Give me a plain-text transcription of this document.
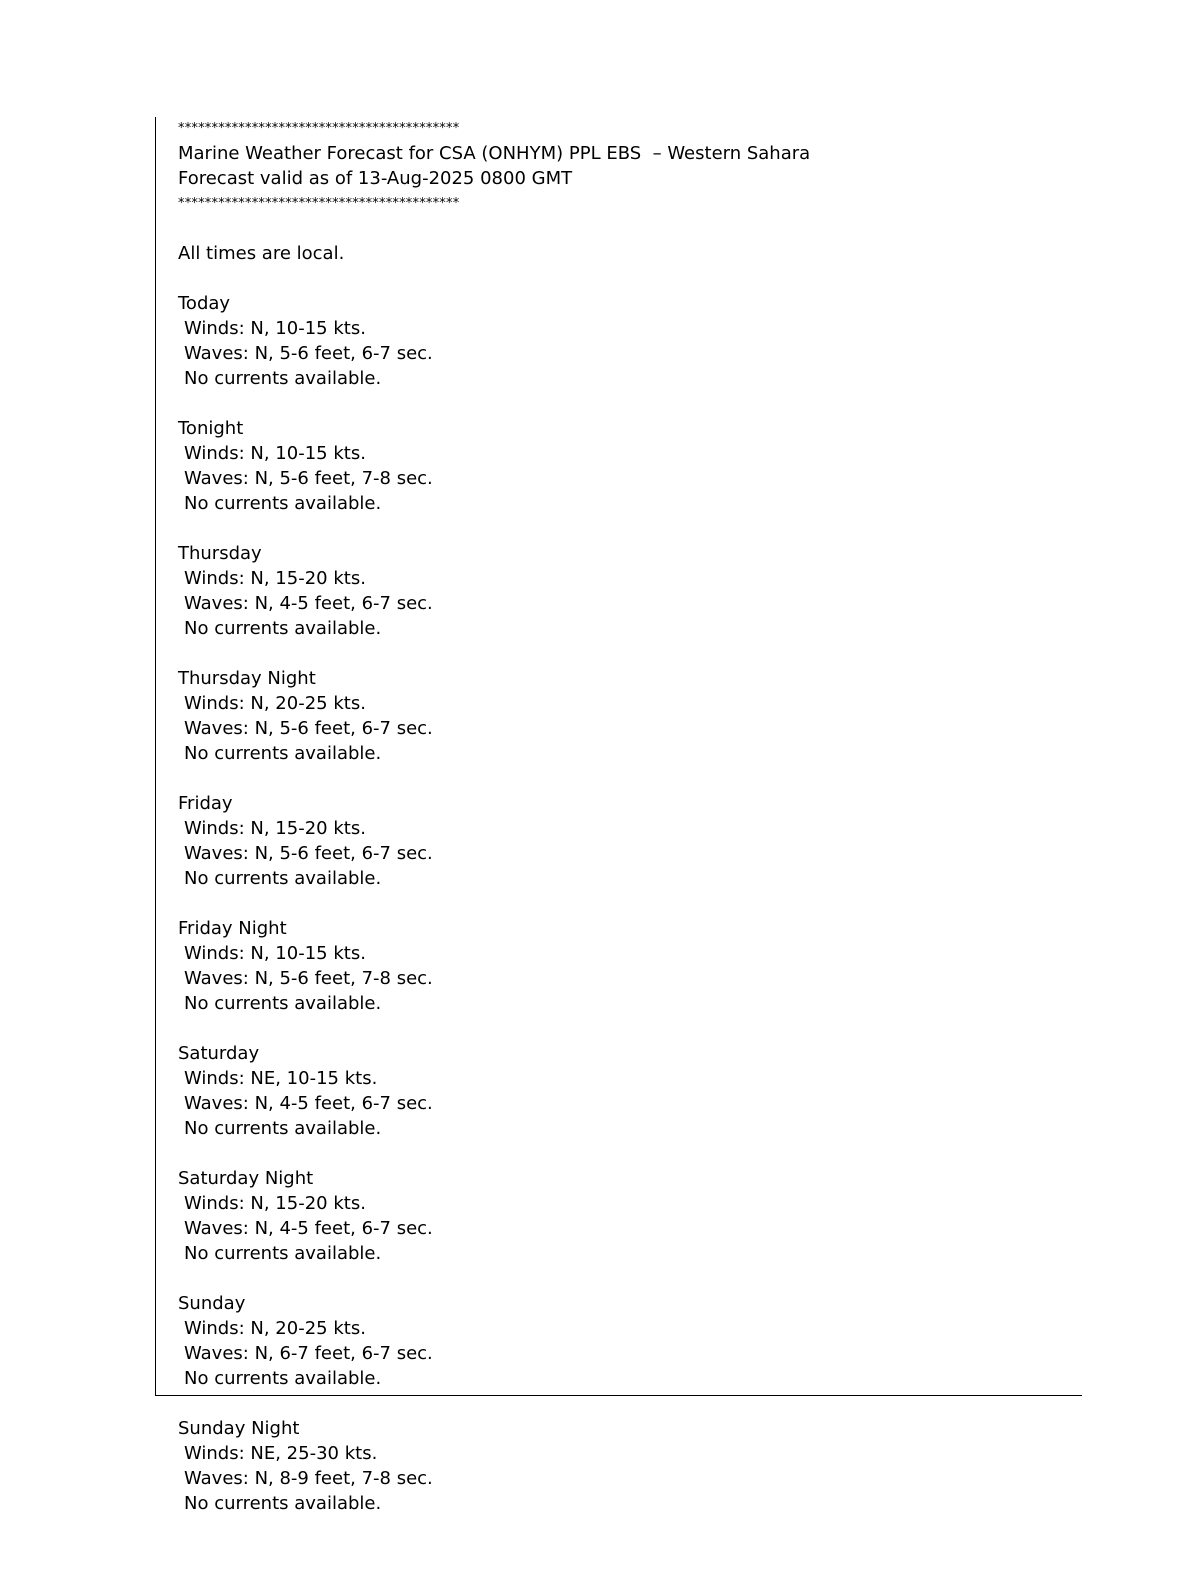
******************************************
Marine Weather Forecast for CSA (ONHYM) PPL EBS  – Western Sahara
Forecast valid as of 13-Aug-2025 0800 GMT
******************************************
All times are local.
Today
Winds: N, 10-15 kts.
Waves: N, 5-6 feet, 6-7 sec.
No currents available.
Tonight
Winds: N, 10-15 kts.
Waves: N, 5-6 feet, 7-8 sec.
No currents available.
Thursday
Winds: N, 15-20 kts.
Waves: N, 4-5 feet, 6-7 sec.
No currents available.
Thursday Night
Winds: N, 20-25 kts.
Waves: N, 5-6 feet, 6-7 sec.
No currents available.
Friday
Winds: N, 15-20 kts.
Waves: N, 5-6 feet, 6-7 sec.
No currents available.
Friday Night
Winds: N, 10-15 kts.
Waves: N, 5-6 feet, 7-8 sec.
No currents available.
Saturday
Winds: NE, 10-15 kts.
Waves: N, 4-5 feet, 6-7 sec.
No currents available.
Saturday Night
Winds: N, 15-20 kts.
Waves: N, 4-5 feet, 6-7 sec.
No currents available.
Sunday
Winds: N, 20-25 kts.
Waves: N, 6-7 feet, 6-7 sec.
No currents available.
Sunday Night
Winds: NE, 25-30 kts.
Waves: N, 8-9 feet, 7-8 sec.
No currents available.
